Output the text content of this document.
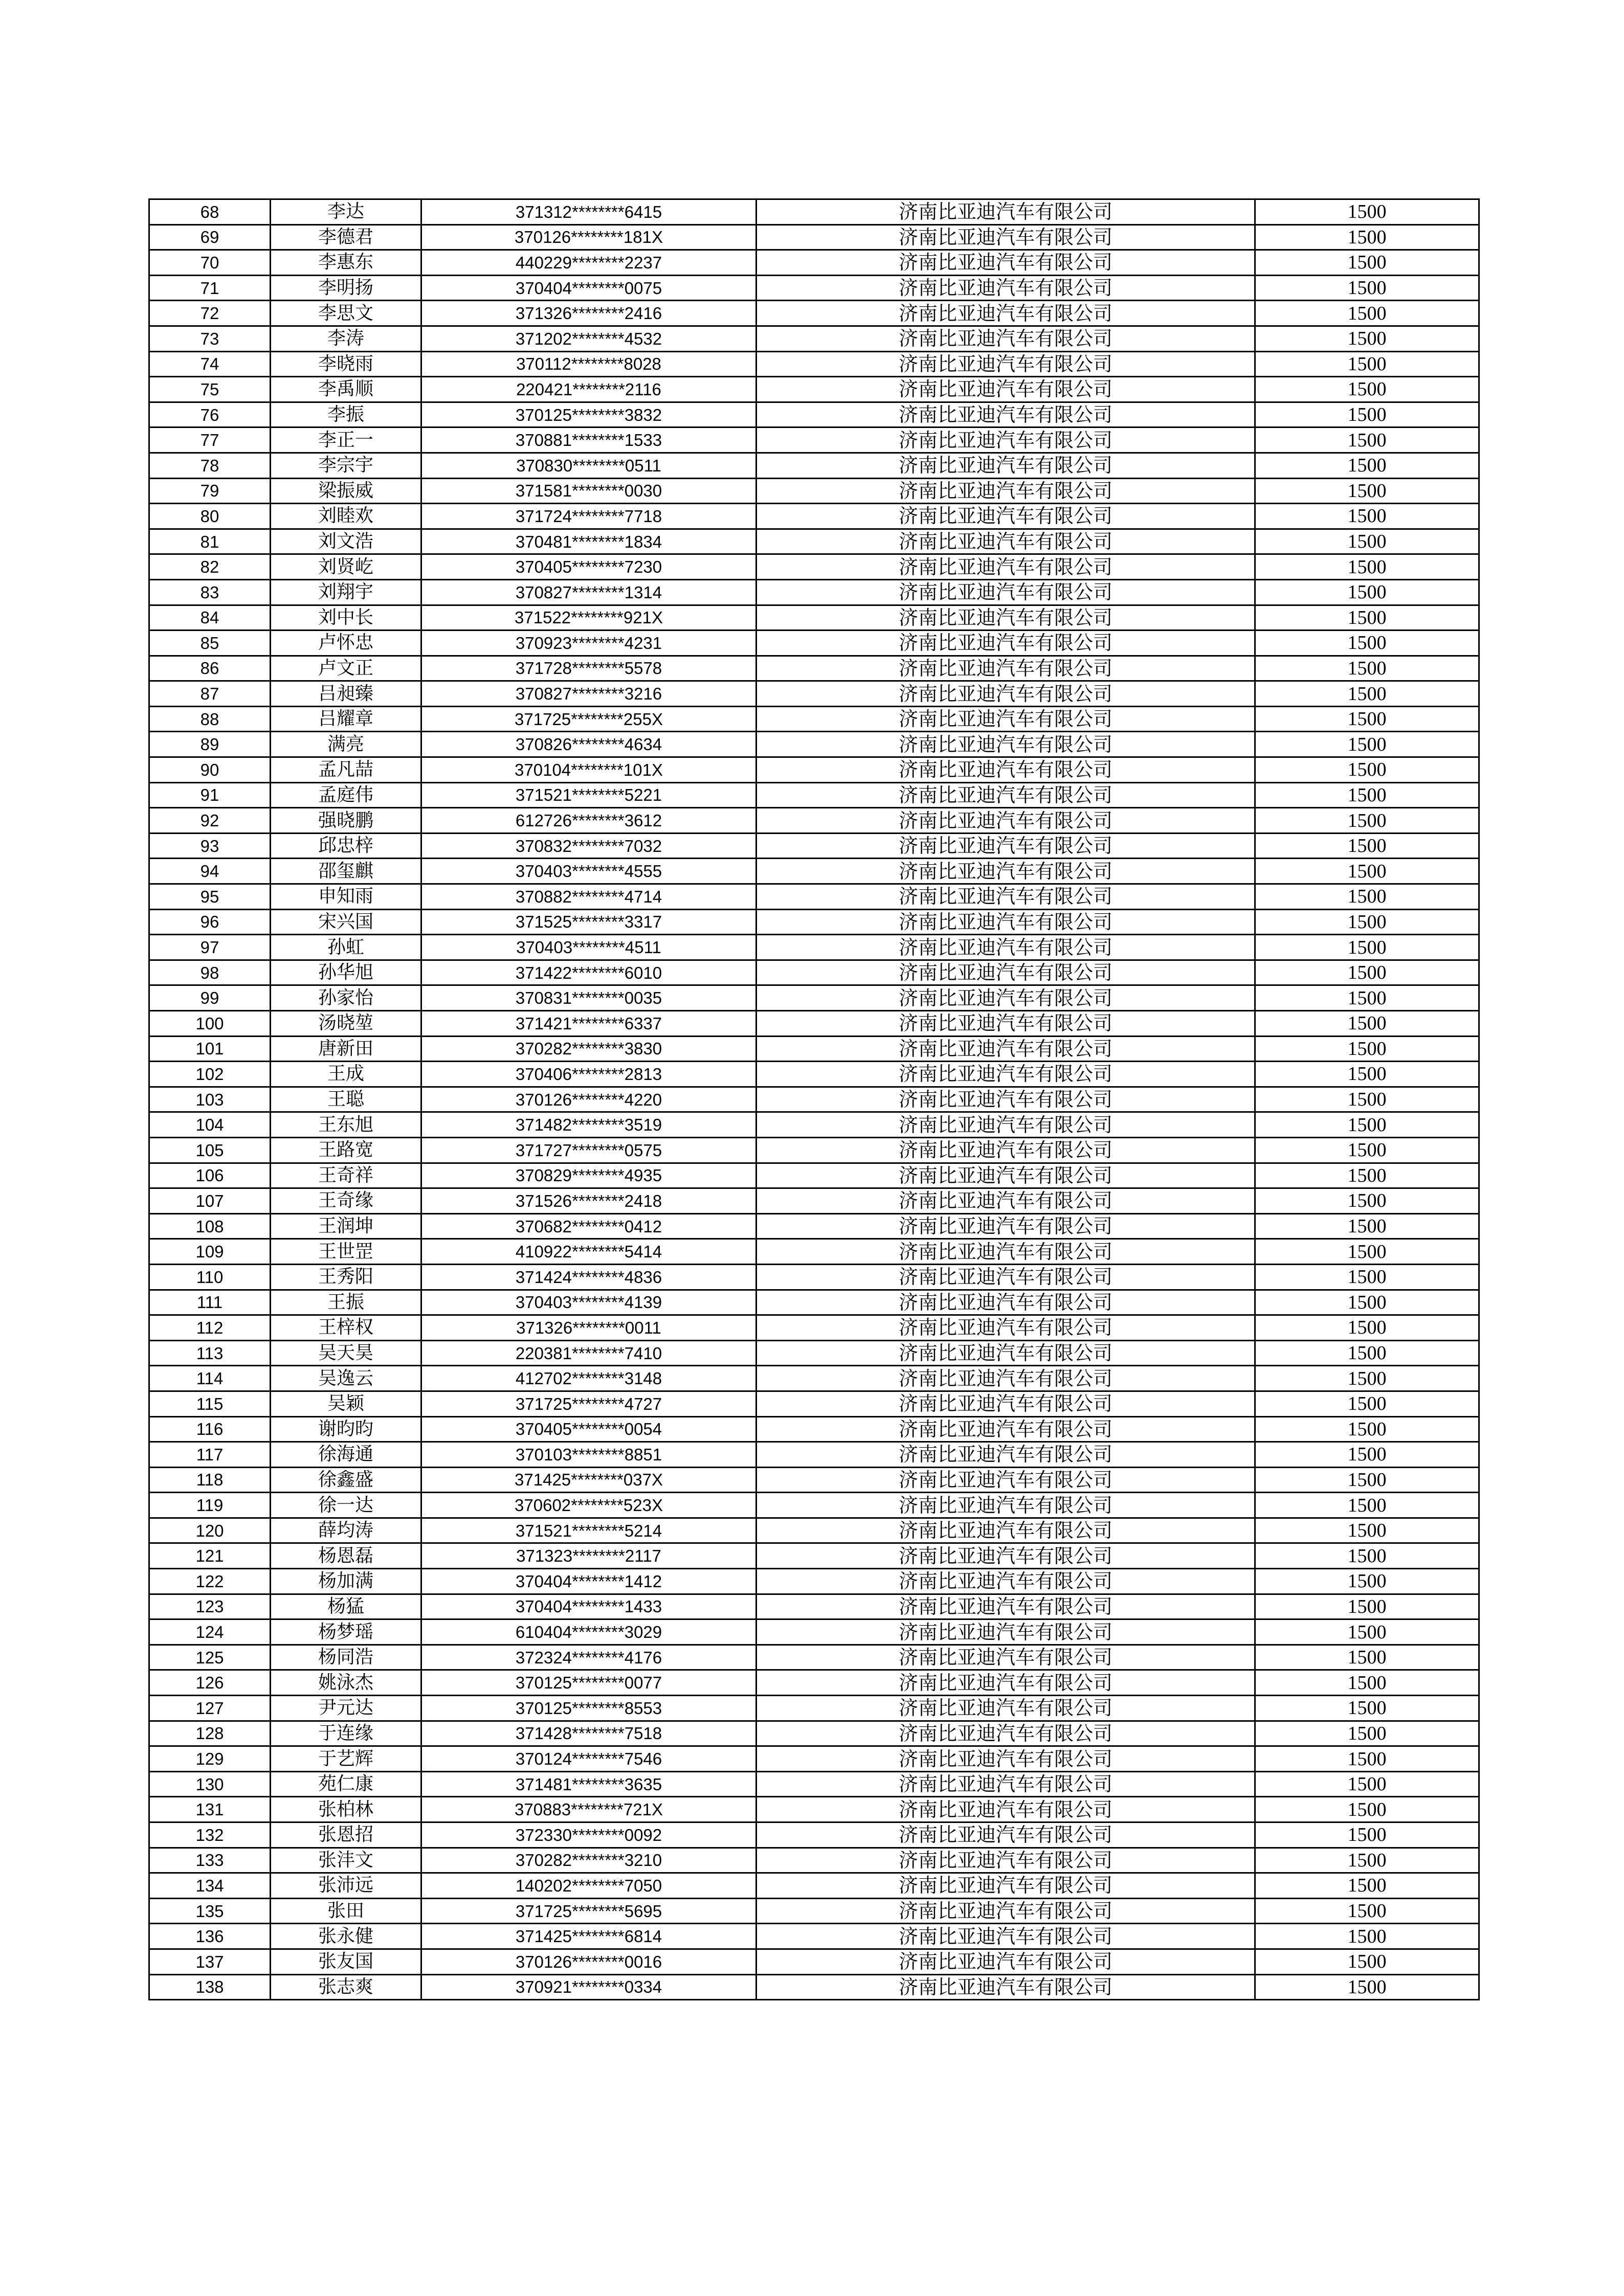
68	李达	371312********6415	济南比亚迪汽车有限公司	1500
69	李德君	370126********181X	济南比亚迪汽车有限公司	1500
70	李惠东	440229********2237	济南比亚迪汽车有限公司	1500
71	李明扬	370404********0075	济南比亚迪汽车有限公司	1500
72	李思文	371326********2416	济南比亚迪汽车有限公司	1500
73	李涛	371202********4532	济南比亚迪汽车有限公司	1500
74	李晓雨	370112********8028	济南比亚迪汽车有限公司	1500
75	李禹顺	220421********2116	济南比亚迪汽车有限公司	1500
76	李振	370125********3832	济南比亚迪汽车有限公司	1500
77	李正一	370881********1533	济南比亚迪汽车有限公司	1500
78	李宗宇	370830********0511	济南比亚迪汽车有限公司	1500
79	梁振威	371581********0030	济南比亚迪汽车有限公司	1500
80	刘睦欢	371724********7718	济南比亚迪汽车有限公司	1500
81	刘文浩	370481********1834	济南比亚迪汽车有限公司	1500
82	刘贤屹	370405********7230	济南比亚迪汽车有限公司	1500
83	刘翔宇	370827********1314	济南比亚迪汽车有限公司	1500
84	刘中长	371522********921X	济南比亚迪汽车有限公司	1500
85	卢怀忠	370923********4231	济南比亚迪汽车有限公司	1500
86	卢文正	371728********5578	济南比亚迪汽车有限公司	1500
87	吕昶臻	370827********3216	济南比亚迪汽车有限公司	1500
88	吕耀章	371725********255X	济南比亚迪汽车有限公司	1500
89	满亮	370826********4634	济南比亚迪汽车有限公司	1500
90	孟凡喆	370104********101X	济南比亚迪汽车有限公司	1500
91	孟庭伟	371521********5221	济南比亚迪汽车有限公司	1500
92	强晓鹏	612726********3612	济南比亚迪汽车有限公司	1500
93	邱忠梓	370832********7032	济南比亚迪汽车有限公司	1500
94	邵玺麒	370403********4555	济南比亚迪汽车有限公司	1500
95	申知雨	370882********4714	济南比亚迪汽车有限公司	1500
96	宋兴国	371525********3317	济南比亚迪汽车有限公司	1500
97	孙虹	370403********4511	济南比亚迪汽车有限公司	1500
98	孙华旭	371422********6010	济南比亚迪汽车有限公司	1500
99	孙家怡	370831********0035	济南比亚迪汽车有限公司	1500
100	汤晓堃	371421********6337	济南比亚迪汽车有限公司	1500
101	唐新田	370282********3830	济南比亚迪汽车有限公司	1500
102	王成	370406********2813	济南比亚迪汽车有限公司	1500
103	王聪	370126********4220	济南比亚迪汽车有限公司	1500
104	王东旭	371482********3519	济南比亚迪汽车有限公司	1500
105	王路宽	371727********0575	济南比亚迪汽车有限公司	1500
106	王奇祥	370829********4935	济南比亚迪汽车有限公司	1500
107	王奇缘	371526********2418	济南比亚迪汽车有限公司	1500
108	王润坤	370682********0412	济南比亚迪汽车有限公司	1500
109	王世罡	410922********5414	济南比亚迪汽车有限公司	1500
110	王秀阳	371424********4836	济南比亚迪汽车有限公司	1500
111	王振	370403********4139	济南比亚迪汽车有限公司	1500
112	王梓权	371326********0011	济南比亚迪汽车有限公司	1500
113	吴天昊	220381********7410	济南比亚迪汽车有限公司	1500
114	吴逸云	412702********3148	济南比亚迪汽车有限公司	1500
115	吴颖	371725********4727	济南比亚迪汽车有限公司	1500
116	谢昀昀	370405********0054	济南比亚迪汽车有限公司	1500
117	徐海通	370103********8851	济南比亚迪汽车有限公司	1500
118	徐鑫盛	371425********037X	济南比亚迪汽车有限公司	1500
119	徐一达	370602********523X	济南比亚迪汽车有限公司	1500
120	薛均涛	371521********5214	济南比亚迪汽车有限公司	1500
121	杨恩磊	371323********2117	济南比亚迪汽车有限公司	1500
122	杨加满	370404********1412	济南比亚迪汽车有限公司	1500
123	杨猛	370404********1433	济南比亚迪汽车有限公司	1500
124	杨梦瑶	610404********3029	济南比亚迪汽车有限公司	1500
125	杨同浩	372324********4176	济南比亚迪汽车有限公司	1500
126	姚泳杰	370125********0077	济南比亚迪汽车有限公司	1500
127	尹元达	370125********8553	济南比亚迪汽车有限公司	1500
128	于连缘	371428********7518	济南比亚迪汽车有限公司	1500
129	于艺辉	370124********7546	济南比亚迪汽车有限公司	1500
130	苑仁康	371481********3635	济南比亚迪汽车有限公司	1500
131	张柏林	370883********721X	济南比亚迪汽车有限公司	1500
132	张恩招	372330********0092	济南比亚迪汽车有限公司	1500
133	张沣文	370282********3210	济南比亚迪汽车有限公司	1500
134	张沛远	140202********7050	济南比亚迪汽车有限公司	1500
135	张田	371725********5695	济南比亚迪汽车有限公司	1500
136	张永健	371425********6814	济南比亚迪汽车有限公司	1500
137	张友国	370126********0016	济南比亚迪汽车有限公司	1500
138	张志爽	370921********0334	济南比亚迪汽车有限公司	1500
